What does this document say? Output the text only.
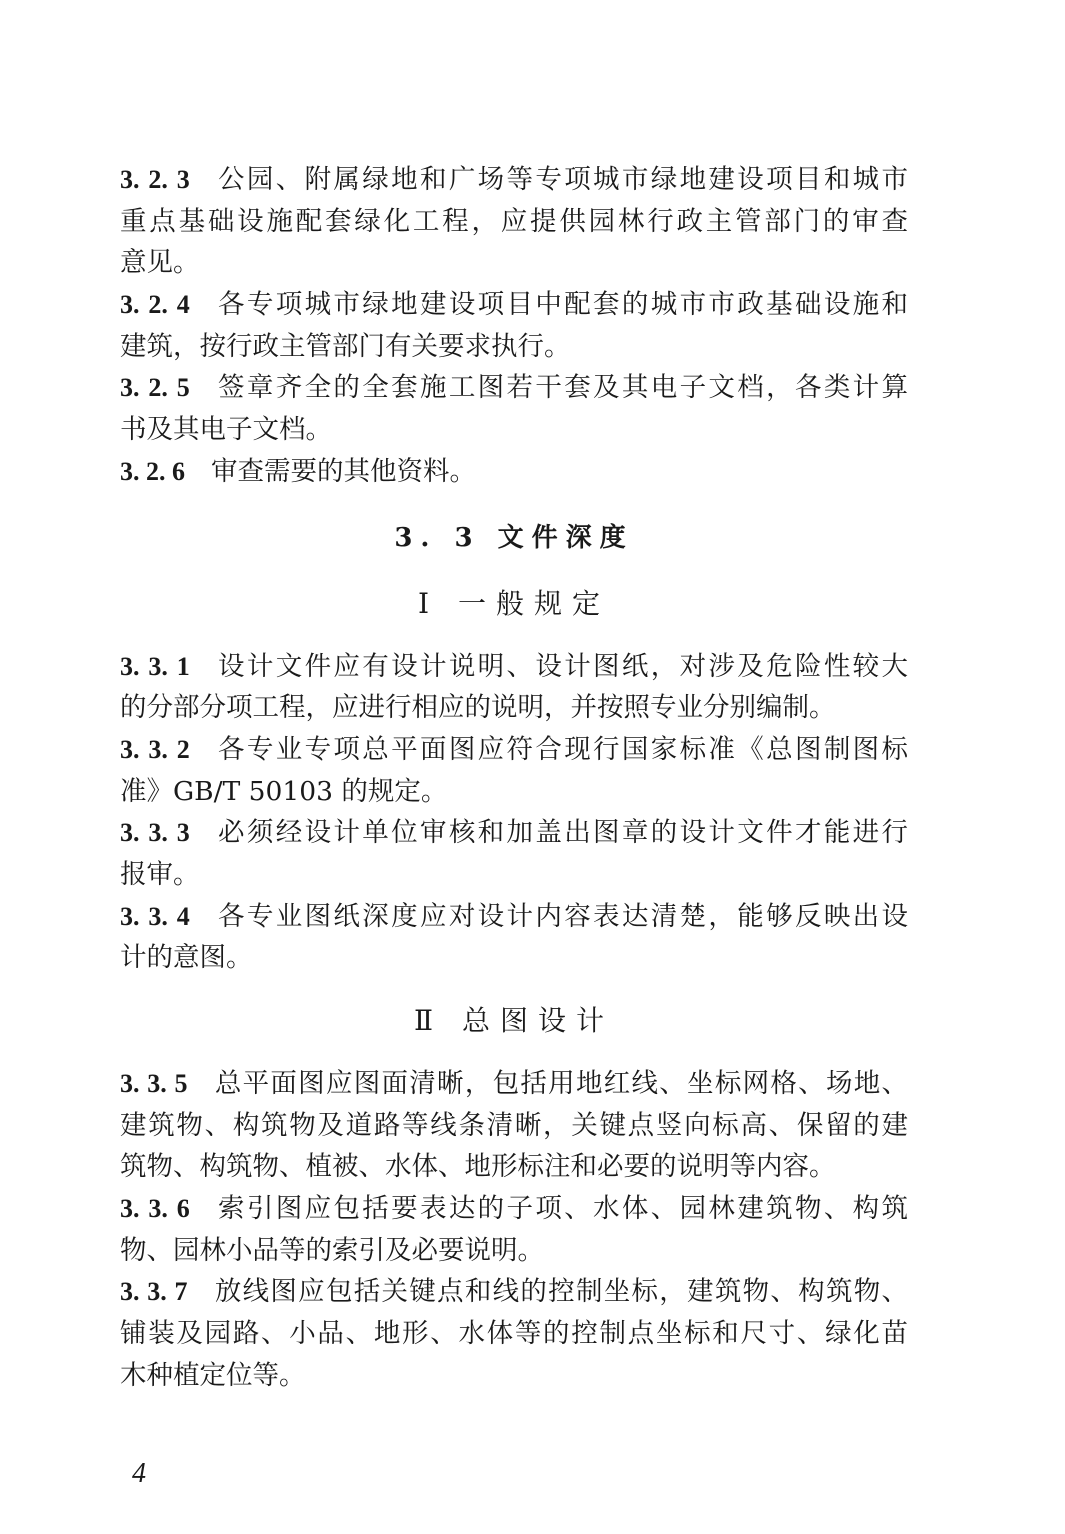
3. 2. 3 公园、附属绿地和广场等专项城市绿地建设项目和城市
重点基础设施配套绿化工程，应提供园林行政主管部门的审查
意见。
3. 2. 4 各专项城市绿地建设项目中配套的城市市政基础设施和
建筑，按行政主管部门有关要求执行。
3. 2. 5 签章齐全的全套施工图若干套及其电子文档，各类计算
书及其电子文档。
3. 2. 6 审查需要的其他资料。
3. 3 文件深度
Ⅰ 一般规定
3. 3. 1 设计文件应有设计说明、设计图纸，对涉及危险性较大
的分部分项工程，应进行相应的说明，并按照专业分别编制。
3. 3. 2 各专业专项总平面图应符合现行国家标准《总图制图标
准》GB/T 50103 的规定。
3. 3. 3 必须经设计单位审核和加盖出图章的设计文件才能进行
报审。
3. 3. 4 各专业图纸深度应对设计内容表达清楚，能够反映出设
计的意图。
Ⅱ 总图设计
3. 3. 5 总平面图应图面清晰，包括用地红线、坐标网格、场地、
建筑物、构筑物及道路等线条清晰，关键点竖向标高、保留的建
筑物、构筑物、植被、水体、地形标注和必要的说明等内容。
3. 3. 6 索引图应包括要表达的子项、水体、园林建筑物、构筑
物、园林小品等的索引及必要说明。
3. 3. 7 放线图应包括关键点和线的控制坐标，建筑物、构筑物、
铺装及园路、小品、地形、水体等的控制点坐标和尺寸、绿化苗
木种植定位等。
4
